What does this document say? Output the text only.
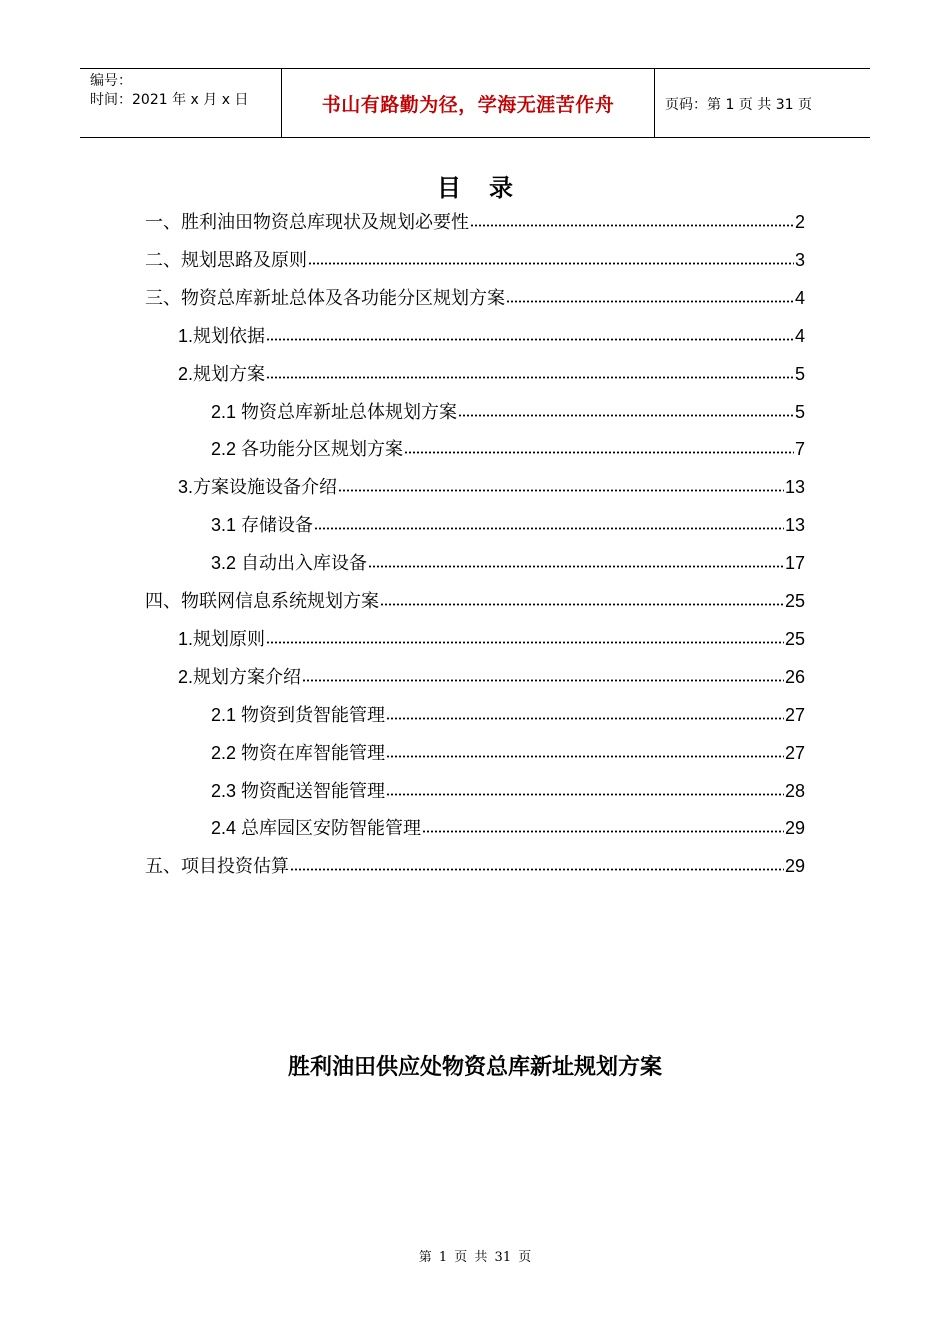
编号：
时间：2021 年 x 月 x 日	书山有路勤为径，学海无涯苦作舟	页码：第 1 页 共 31 页
目录
一、胜利油田物资总库现状及规划必要性	2
二、规划思路及原则	3
三、物资总库新址总体及各功能分区规划方案	4
1.规划依据	4
2.规划方案	5
2.1 物资总库新址总体规划方案	5
2.2 各功能分区规划方案	7
3.方案设施设备介绍	13
3.1 存储设备	13
3.2 自动出入库设备	17
四、物联网信息系统规划方案	25
1.规划原则	25
2.规划方案介绍	26
2.1 物资到货智能管理	27
2.2 物资在库智能管理	27
2.3 物资配送智能管理	28
2.4 总库园区安防智能管理	29
五、项目投资估算	29
胜利油田供应处物资总库新址规划方案
第 1 页 共 31 页
